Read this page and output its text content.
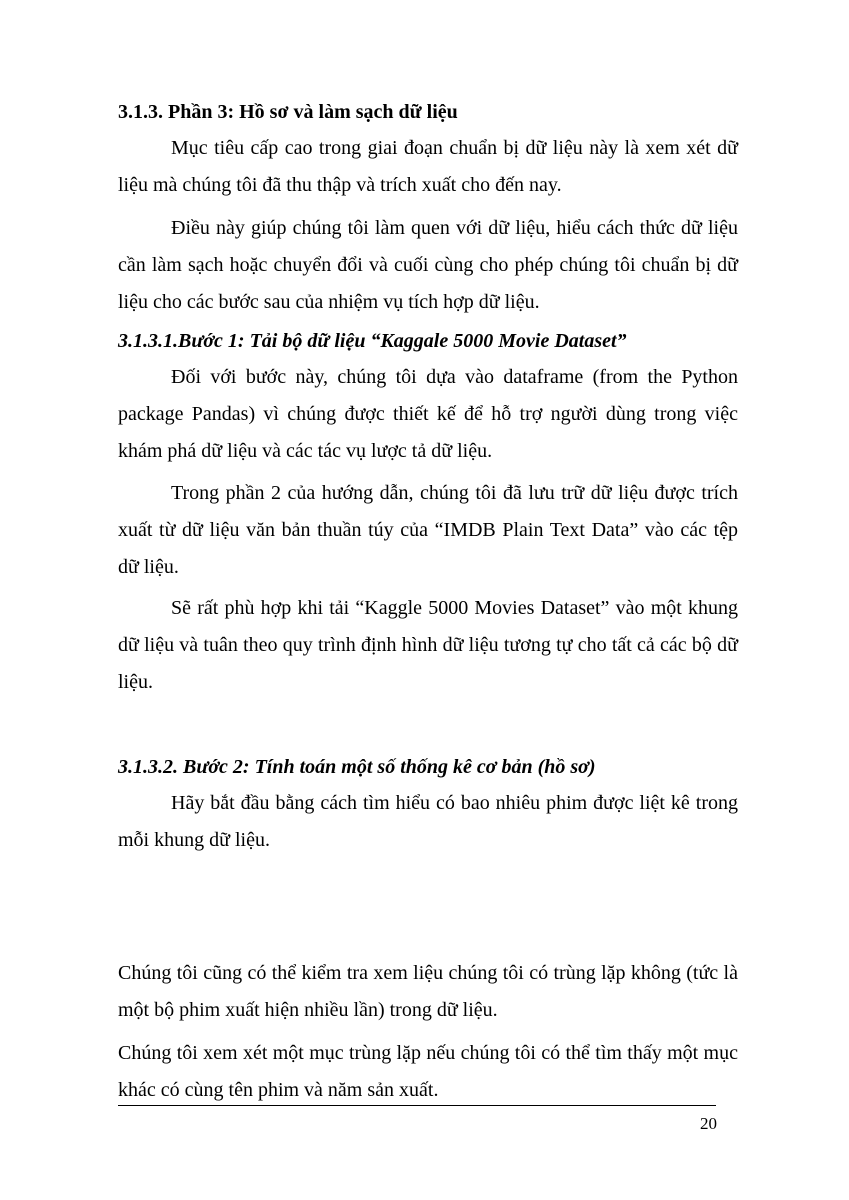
3.1.3. Phần 3: Hồ sơ và làm sạch dữ liệu

Mục tiêu cấp cao trong giai đoạn chuẩn bị dữ liệu này là xem xét dữ liệu mà chúng tôi đã thu thập và trích xuất cho đến nay.

Điều này giúp chúng tôi làm quen với dữ liệu, hiểu cách thức dữ liệu cần làm sạch hoặc chuyển đổi và cuối cùng cho phép chúng tôi chuẩn bị dữ liệu cho các bước sau của nhiệm vụ tích hợp dữ liệu.

3.1.3.1.Bước 1: Tải bộ dữ liệu “Kaggale 5000 Movie Dataset”

Đối với bước này, chúng tôi dựa vào dataframe (from the Python package Pandas) vì chúng được thiết kế để hỗ trợ người dùng trong việc khám phá dữ liệu và các tác vụ lược tả dữ liệu.

Trong phần 2 của hướng dẫn, chúng tôi đã lưu trữ dữ liệu được trích xuất từ dữ liệu văn bản thuần túy của “IMDB Plain Text Data” vào các tệp dữ liệu.

Sẽ rất phù hợp khi tải “Kaggle 5000 Movies Dataset” vào một khung dữ liệu và tuân theo quy trình định hình dữ liệu tương tự cho tất cả các bộ dữ liệu.

3.1.3.2. Bước 2: Tính toán một số thống kê cơ bản (hồ sơ)

Hãy bắt đầu bằng cách tìm hiểu có bao nhiêu phim được liệt kê trong mỗi khung dữ liệu.

Chúng tôi cũng có thể kiểm tra xem liệu chúng tôi có trùng lặp không (tức là một bộ phim xuất hiện nhiều lần) trong dữ liệu.

Chúng tôi xem xét một mục trùng lặp nếu chúng tôi có thể tìm thấy một mục khác có cùng tên phim và năm sản xuất.

20
